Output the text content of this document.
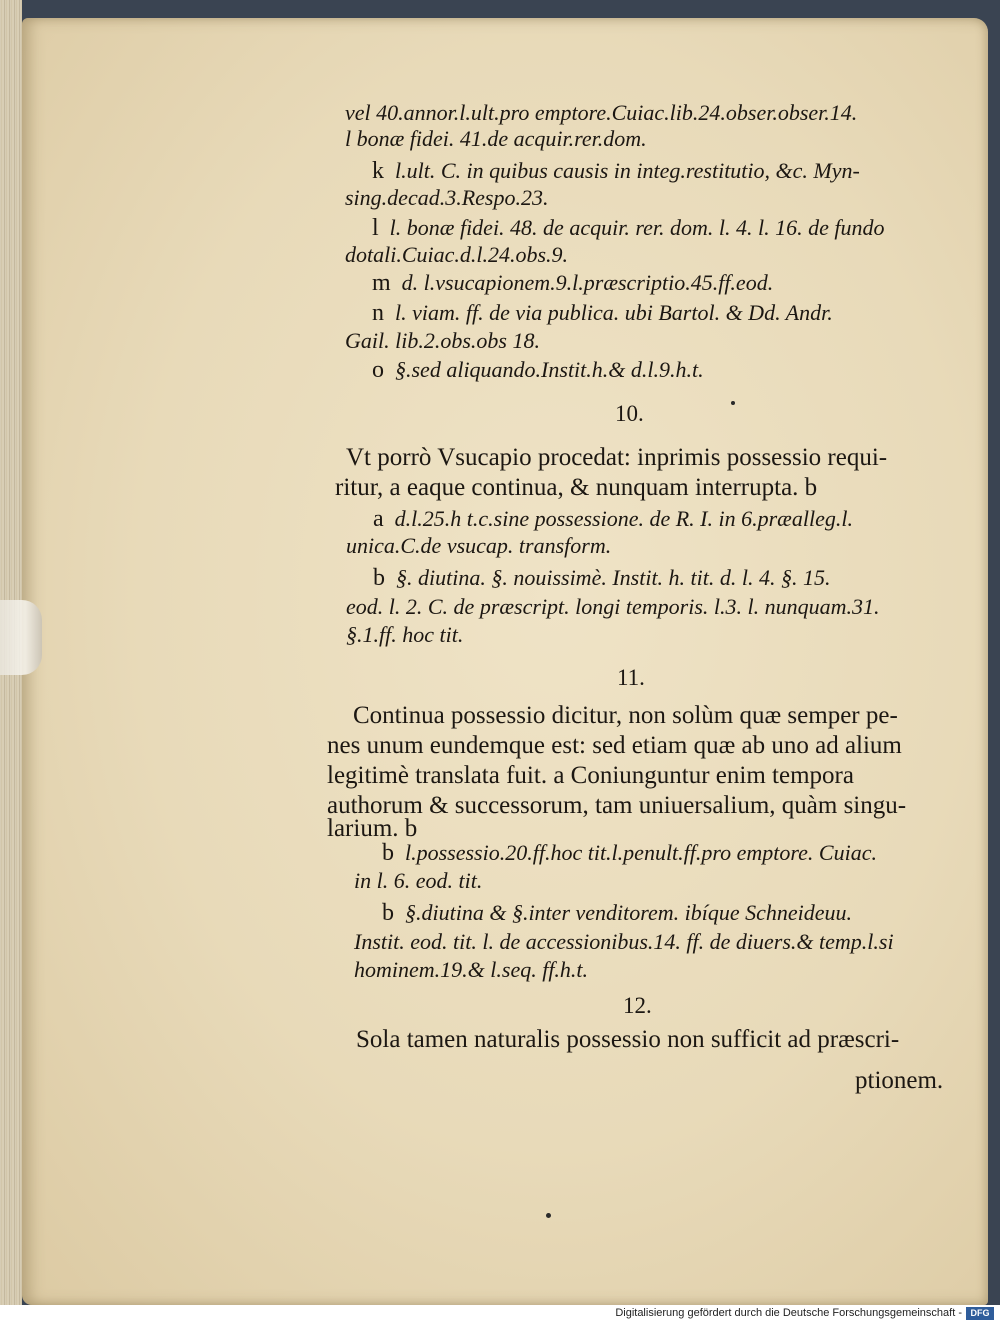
vel 40.annor.l.ult.pro emptore.Cuiac.lib.24.obser.obser.14.
l bonæ fidei. 41.de acquir.rer.dom.
k l.ult. C. in quibus causis in integ.restitutio, &c. Myn-
sing.decad.3.Respo.23.
l l. bonæ fidei. 48. de acquir. rer. dom. l. 4. l. 16. de fundo
dotali.Cuiac.d.l.24.obs.9.
m d. l.vsucapionem.9.l.præscriptio.45.ff.eod.
n l. viam. ff. de via publica. ubi Bartol. & Dd. Andr.
Gail. lib.2.obs.obs 18.
o §.sed aliquando.Instit.h.& d.l.9.h.t.
10.
Vt porrò Vsucapio procedat: inprimis possessio requi-
ritur, a eaque continua, & nunquam interrupta. b
a d.l.25.h t.c.sine possessione. de R. I. in 6.præalleg.l.
unica.C.de vsucap. transform.
b §. diutina. §. nouissimè. Instit. h. tit. d. l. 4. §. 15.
eod. l. 2. C. de præscript. longi temporis. l.3. l. nunquam.31.
§.1.ff. hoc tit.
11.
Continua possessio dicitur, non solùm quæ semper pe-
nes unum eundemque est: sed etiam quæ ab uno ad alium
legitimè translata fuit. a Coniunguntur enim tempora
authorum & successorum, tam uniuersalium, quàm singu-
larium. b
b l.possessio.20.ff.hoc tit.l.penult.ff.pro emptore. Cuiac.
in l. 6. eod. tit.
b §.diutina & §.inter venditorem. ibíque Schneideuu.
Instit. eod. tit. l. de accessionibus.14. ff. de diuers.& temp.l.si
hominem.19.& l.seq. ff.h.t.
12.
Sola tamen naturalis possessio non sufficit ad præscri-
ptionem.
Digitalisierung gefördert durch die Deutsche Forschungsgemeinschaft - DFG
